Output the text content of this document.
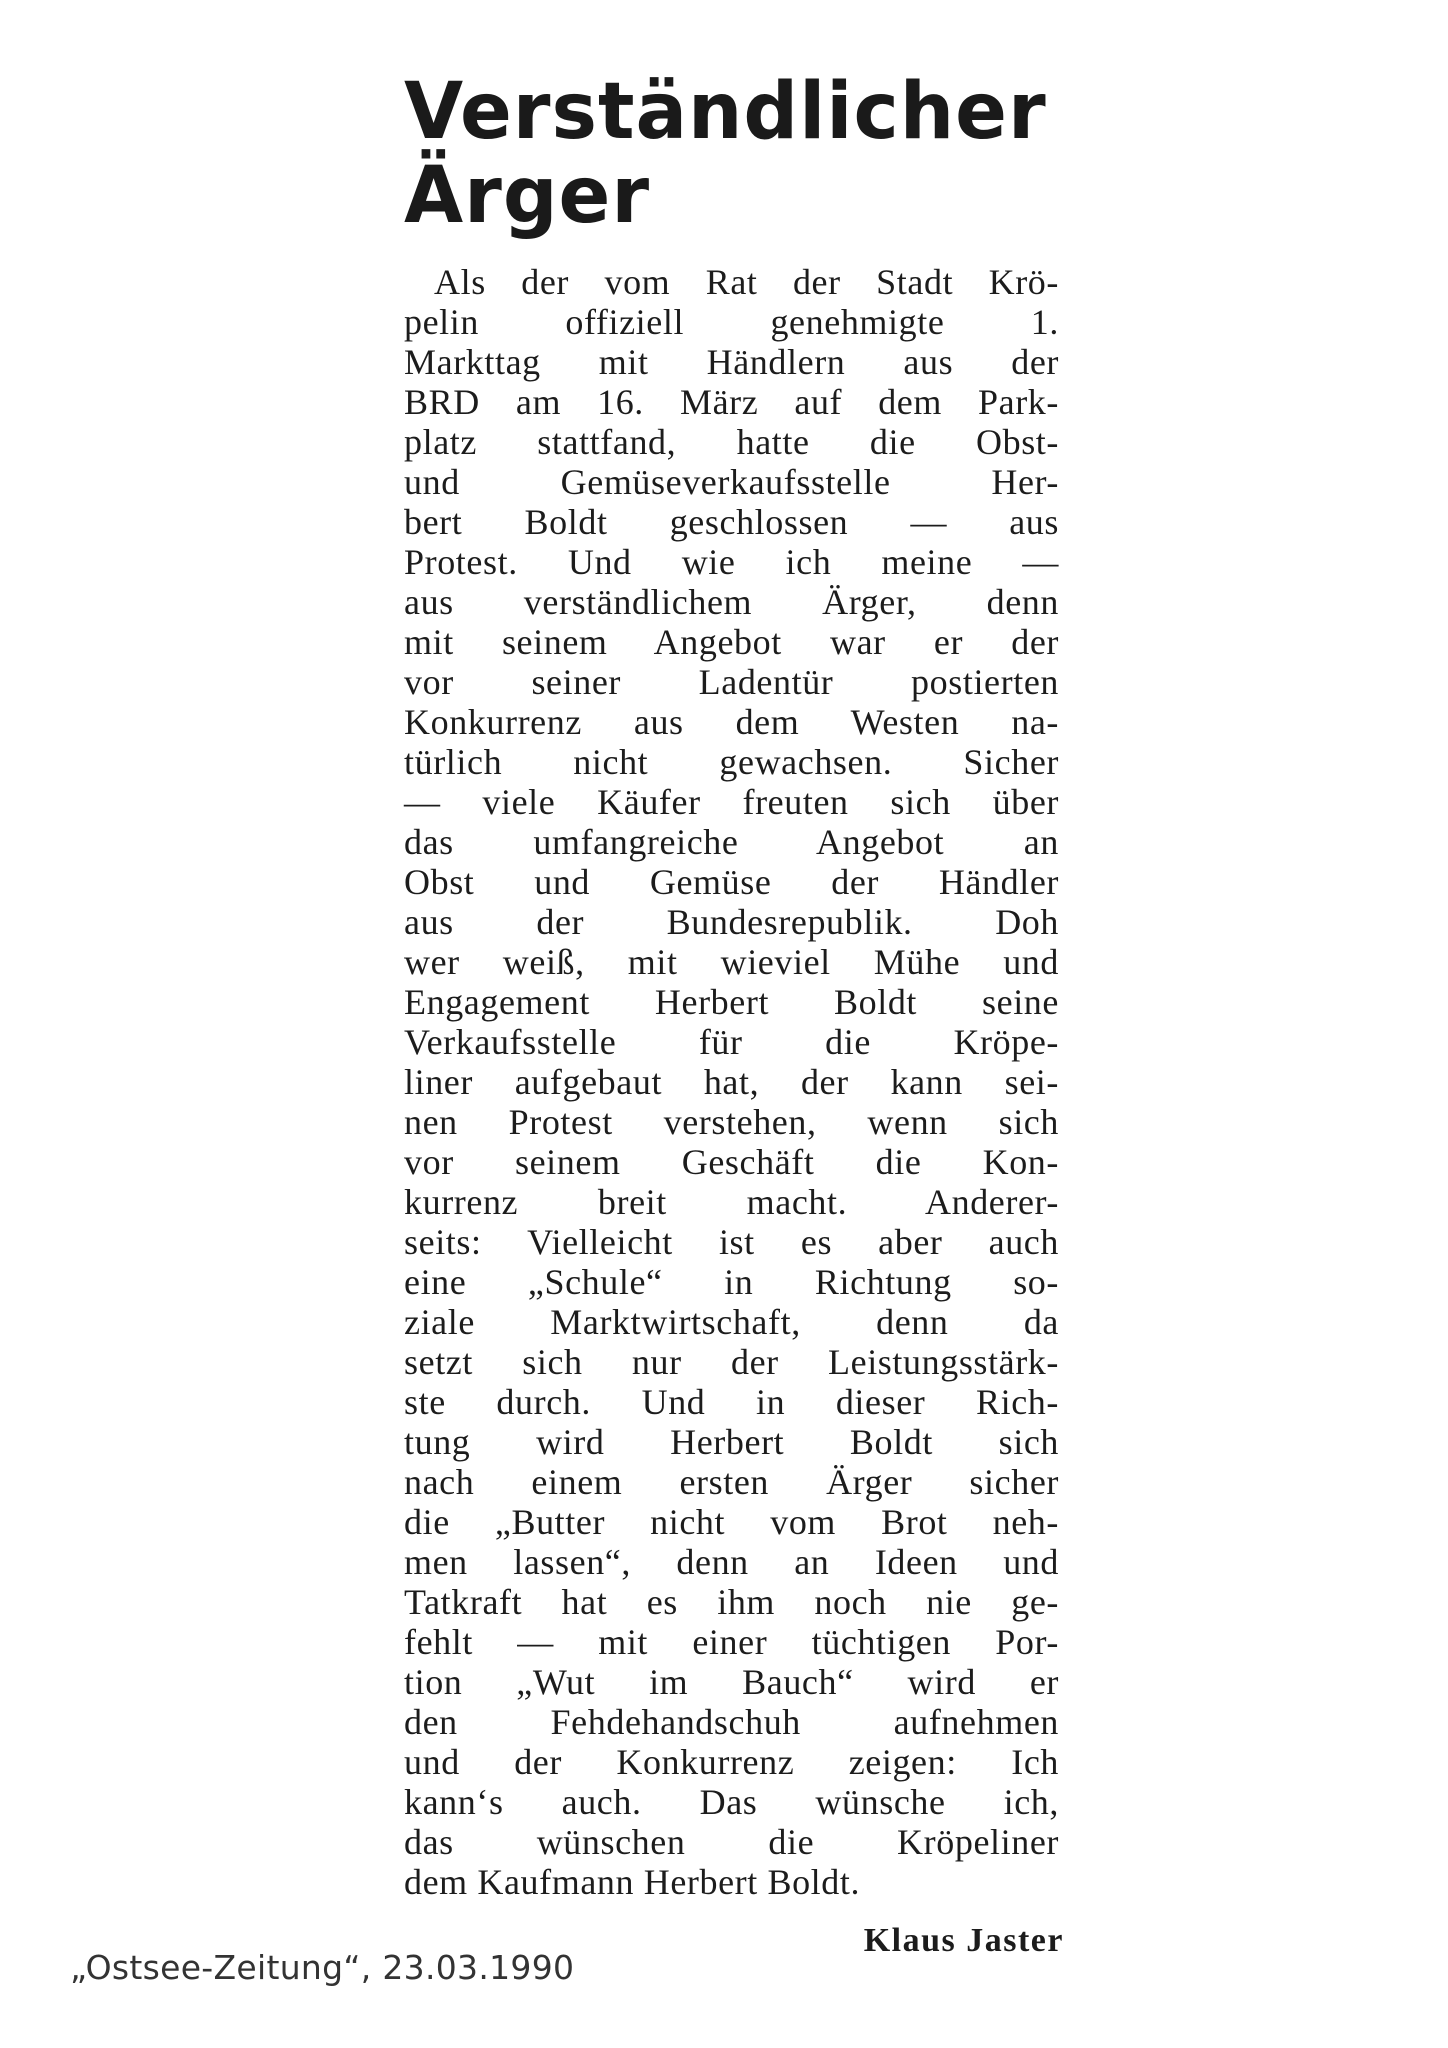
Verständlicher
Ärger
Als der vom Rat der Stadt Krö-
pelin offiziell genehmigte 1.
Markttag mit Händlern aus der
BRD am 16. März auf dem Park-
platz stattfand, hatte die Obst-
und Gemüseverkaufsstelle Her-
bert Boldt geschlossen — aus
Protest. Und wie ich meine —
aus verständlichem Ärger, denn
mit seinem Angebot war er der
vor seiner Ladentür postierten
Konkurrenz aus dem Westen na-
türlich nicht gewachsen. Sicher
— viele Käufer freuten sich über
das umfangreiche Angebot an
Obst und Gemüse der Händler
aus der Bundesrepublik. Doh
wer weiß, mit wieviel Mühe und
Engagement Herbert Boldt seine
Verkaufsstelle für die Kröpe-
liner aufgebaut hat, der kann sei-
nen Protest verstehen, wenn sich
vor seinem Geschäft die Kon-
kurrenz breit macht. Anderer-
seits: Vielleicht ist es aber auch
eine „Schule“ in Richtung so-
ziale Marktwirtschaft, denn da
setzt sich nur der Leistungsstärk-
ste durch. Und in dieser Rich-
tung wird Herbert Boldt sich
nach einem ersten Ärger sicher
die „Butter nicht vom Brot neh-
men lassen“, denn an Ideen und
Tatkraft hat es ihm noch nie ge-
fehlt — mit einer tüchtigen Por-
tion „Wut im Bauch“ wird er
den Fehdehandschuh aufnehmen
und der Konkurrenz zeigen: Ich
kann‘s auch. Das wünsche ich,
das wünschen die Kröpeliner
dem Kaufmann Herbert Boldt.
Klaus Jaster
„Ostsee-Zeitung“, 23.03.1990
